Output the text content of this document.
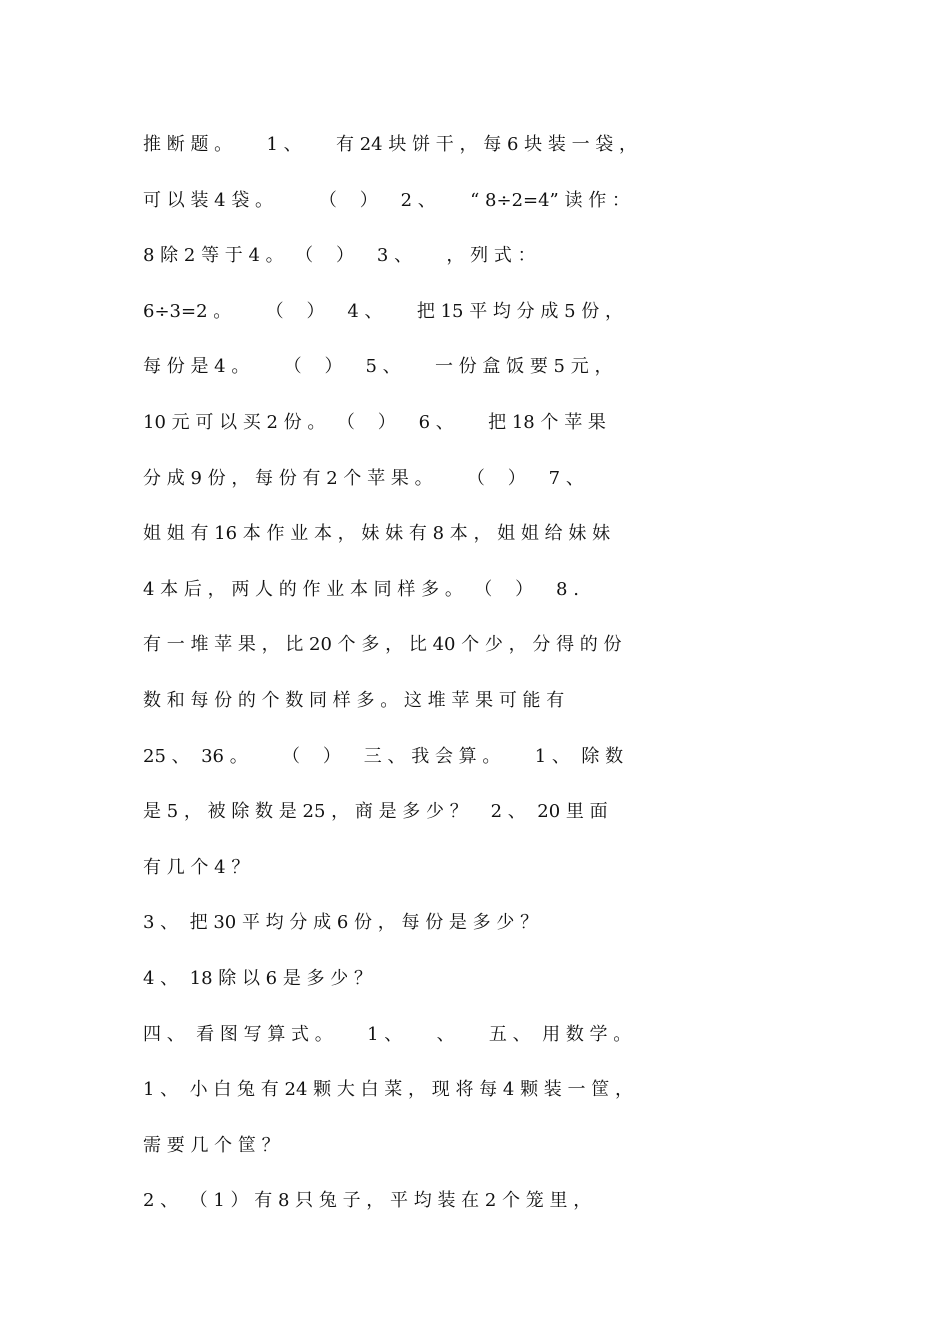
推 断 题 。      1 、      有 24 块 饼 干 ， 每 6 块 装 一 袋 ，
可 以 装 4 袋 。        （    ）    2 、      “ 8÷2=4” 读 作 ：
8 除 2 等 于 4 。  （    ）    3 、      ， 列 式 ：
6÷3=2 。      （    ）    4 、      把 15 平 均 分 成 5 份 ，
每 份 是 4 。      （    ）    5 、      一 份 盒 饭 要 5 元 ，
10 元 可 以 买 2 份 。  （    ）    6 、      把 18 个 苹 果
分 成 9 份 ， 每 份 有 2 个 苹 果 。      （    ）    7 、
姐 姐 有 16 本 作 业 本 ， 妹 妹 有 8 本 ， 姐 姐 给 妹 妹
4 本 后 ， 两 人 的 作 业 本 同 样 多 。  （    ）    8 .
有 一 堆 苹 果 ， 比 20 个 多 ， 比 40 个 少 ， 分 得 的 份
数 和 每 份 的 个 数 同 样 多 。 这 堆 苹 果 可 能 有
25 、  36 。      （    ）    三 、 我 会 算 。      1 、  除 数
是 5 ， 被 除 数 是 25 ， 商 是 多 少 ？    2 、  20 里 面
有 几 个 4 ？
3 、  把 30 平 均 分 成 6 份 ， 每 份 是 多 少 ？
4 、  18 除 以 6 是 多 少 ？
四 、  看 图 写 算 式 。      1 、      、      五 、  用 数 学 。
1 、  小 白 兔 有 24 颗 大 白 菜 ， 现 将 每 4 颗 装 一 筐 ，
需 要 几 个 筐 ？
2 、  （ 1 ） 有 8 只 兔 子 ， 平 均 装 在 2 个 笼 里 ，
